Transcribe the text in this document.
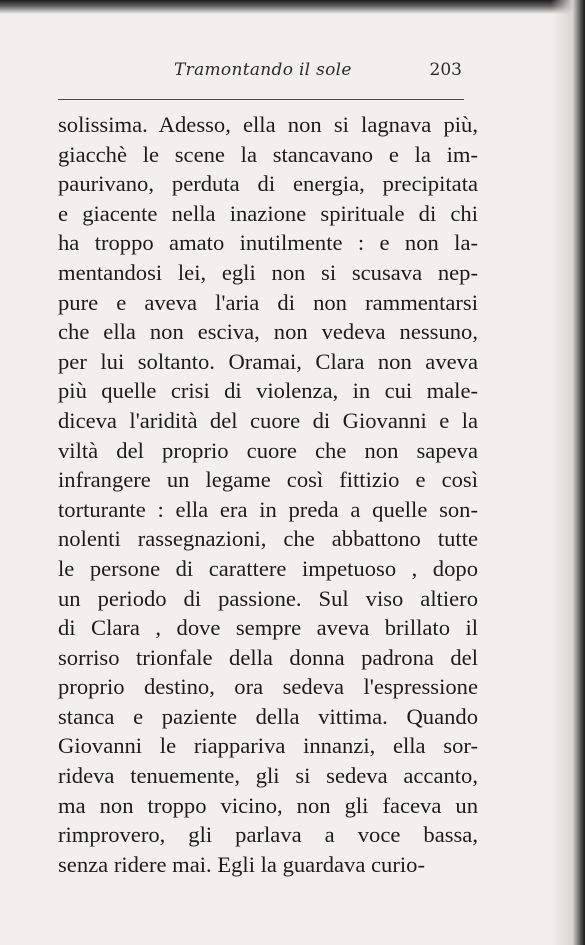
Tramontando il sole	203
solissima. Adesso, ella non si lagnava più,
giacchè le scene la stancavano e la im-
paurivano, perduta di energia, precipitata
e giacente nella inazione spirituale di chi
ha troppo amato inutilmente : e non la-
mentandosi lei, egli non si scusava nep-
pure e aveva l'aria di non rammentarsi
che ella non esciva, non vedeva nessuno,
per lui soltanto. Oramai, Clara non aveva
più quelle crisi di violenza, in cui male-
diceva l'aridità del cuore di Giovanni e la
viltà del proprio cuore che non sapeva
infrangere un legame così fittizio e così
torturante : ella era in preda a quelle son-
nolenti rassegnazioni, che abbattono tutte
le persone di carattere impetuoso , dopo
un periodo di passione. Sul viso altiero
di Clara , dove sempre aveva brillato il
sorriso trionfale della donna padrona del
proprio destino, ora sedeva l'espressione
stanca e paziente della vittima. Quando
Giovanni le riappariva innanzi, ella sor-
rideva tenuemente, gli si sedeva accanto,
ma non troppo vicino, non gli faceva un
rimprovero, gli parlava a voce bassa,
senza ridere mai. Egli la guardava curio-
